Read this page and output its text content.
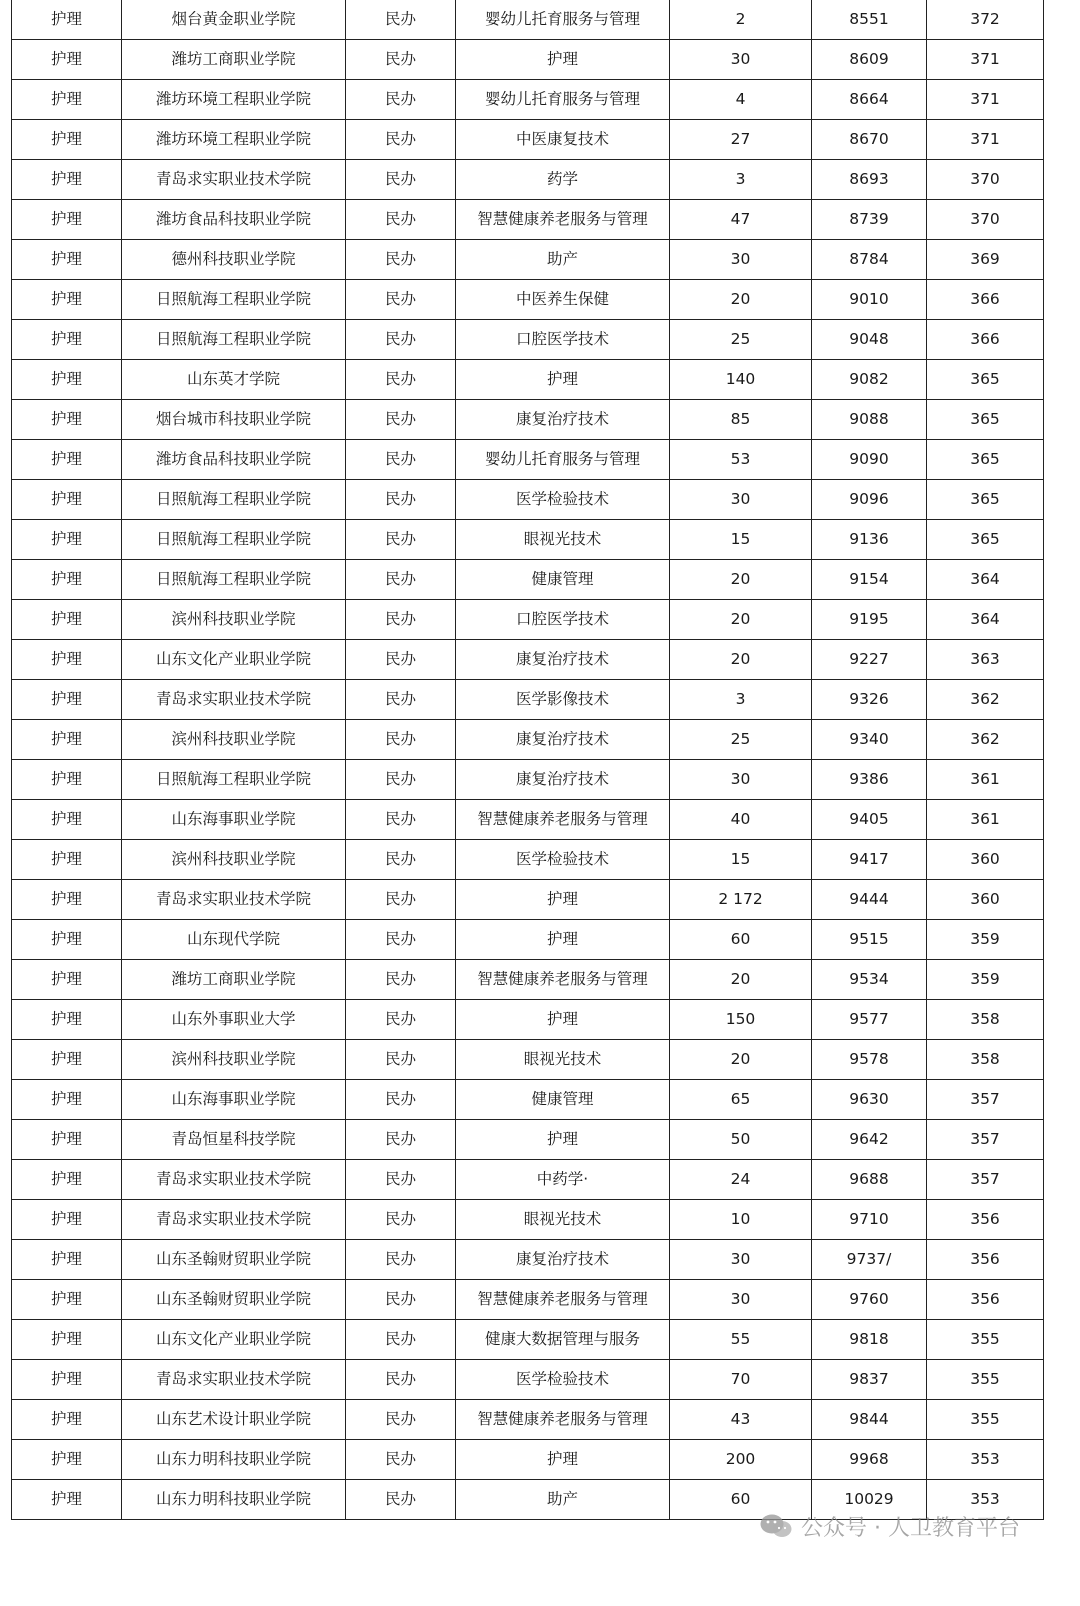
护理	烟台黄金职业学院	民办	婴幼儿托育服务与管理	2	8551	372
护理	潍坊工商职业学院	民办	护理	30	8609	371
护理	潍坊环境工程职业学院	民办	婴幼儿托育服务与管理	4	8664	371
护理	潍坊环境工程职业学院	民办	中医康复技术	27	8670	371
护理	青岛求实职业技术学院	民办	药学	3	8693	370
护理	潍坊食品科技职业学院	民办	智慧健康养老服务与管理	47	8739	370
护理	德州科技职业学院	民办	助产	30	8784	369
护理	日照航海工程职业学院	民办	中医养生保健	20	9010	366
护理	日照航海工程职业学院	民办	口腔医学技术	25	9048	366
护理	山东英才学院	民办	护理	140	9082	365
护理	烟台城市科技职业学院	民办	康复治疗技术	85	9088	365
护理	潍坊食品科技职业学院	民办	婴幼儿托育服务与管理	53	9090	365
护理	日照航海工程职业学院	民办	医学检验技术	30	9096	365
护理	日照航海工程职业学院	民办	眼视光技术	15	9136	365
护理	日照航海工程职业学院	民办	健康管理	20	9154	364
护理	滨州科技职业学院	民办	口腔医学技术	20	9195	364
护理	山东文化产业职业学院	民办	康复治疗技术	20	9227	363
护理	青岛求实职业技术学院	民办	医学影像技术	3	9326	362
护理	滨州科技职业学院	民办	康复治疗技术	25	9340	362
护理	日照航海工程职业学院	民办	康复治疗技术	30	9386	361
护理	山东海事职业学院	民办	智慧健康养老服务与管理	40	9405	361
护理	滨州科技职业学院	民办	医学检验技术	15	9417	360
护理	青岛求实职业技术学院	民办	护理	2 172	9444	360
护理	山东现代学院	民办	护理	60	9515	359
护理	潍坊工商职业学院	民办	智慧健康养老服务与管理	20	9534	359
护理	山东外事职业大学	民办	护理	150	9577	358
护理	滨州科技职业学院	民办	眼视光技术	20	9578	358
护理	山东海事职业学院	民办	健康管理	65	9630	357
护理	青岛恒星科技学院	民办	护理	50	9642	357
护理	青岛求实职业技术学院	民办	中药学·	24	9688	357
护理	青岛求实职业技术学院	民办	眼视光技术	10	9710	356
护理	山东圣翰财贸职业学院	民办	康复治疗技术	30	9737/	356
护理	山东圣翰财贸职业学院	民办	智慧健康养老服务与管理	30	9760	356
护理	山东文化产业职业学院	民办	健康大数据管理与服务	55	9818	355
护理	青岛求实职业技术学院	民办	医学检验技术	70	9837	355
护理	山东艺术设计职业学院	民办	智慧健康养老服务与管理	43	9844	355
护理	山东力明科技职业学院	民办	护理	200	9968	353
护理	山东力明科技职业学院	民办	助产	60	10029	353
公众号 · 人卫教育平台
